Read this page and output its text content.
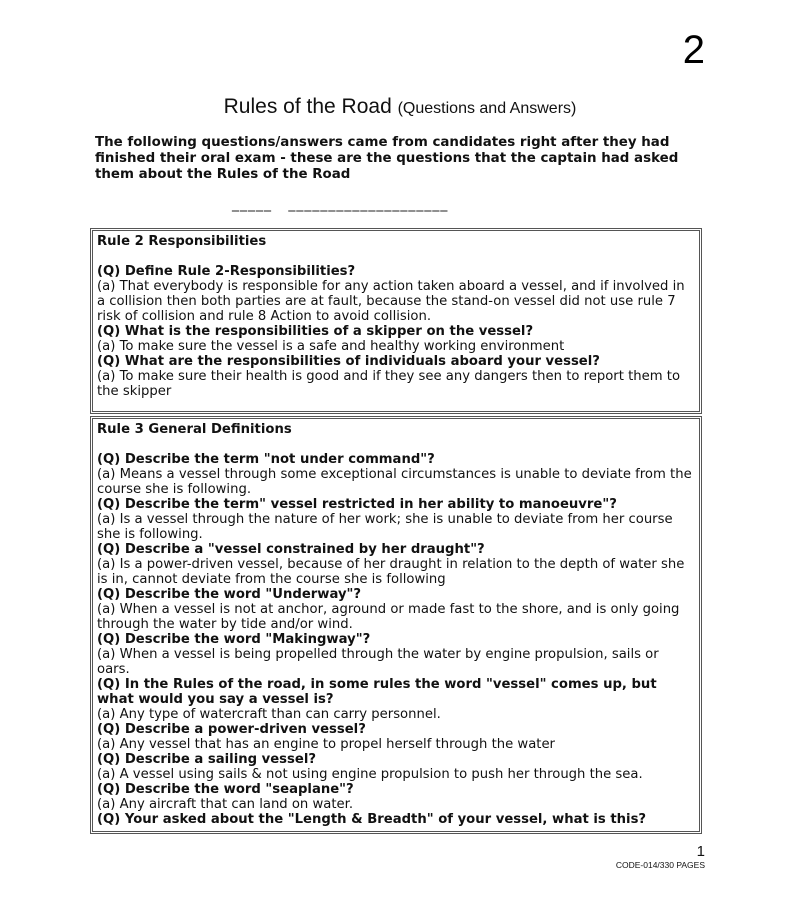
2
Rules of the Road (Questions and Answers)
The following questions/answers came from candidates right after they had finished their oral exam - these are the questions that the captain had asked them about the Rules of the Road
_____   ____________________
Rule 2 Responsibilities
(Q) Define Rule 2-Responsibilities?
(a) That everybody is responsible for any action taken aboard a vessel, and if involved in a collision then both parties are at fault, because the stand-on vessel did not use rule 7 risk of collision and rule 8 Action to avoid collision.
(Q) What is the responsibilities of a skipper on the vessel?
(a) To make sure the vessel is a safe and healthy working environment
(Q) What are the responsibilities of individuals aboard your vessel?
(a) To make sure their health is good and if they see any dangers then to report them to the skipper
Rule 3 General Definitions
(Q) Describe the term "not under command"?
(a) Means a vessel through some exceptional circumstances is unable to deviate from the course she is following.
(Q) Describe the term" vessel restricted in her ability to manoeuvre"?
(a) Is a vessel through the nature of her work; she is unable to deviate from her course she is following.
(Q) Describe a "vessel constrained by her draught"?
(a) Is a power-driven vessel, because of her draught in relation to the depth of water she is in, cannot deviate from the course she is following
(Q) Describe the word "Underway"?
(a) When a vessel is not at anchor, aground or made fast to the shore, and is only going through the water by tide and/or wind.
(Q) Describe the word "Makingway"?
(a) When a vessel is being propelled through the water by engine propulsion, sails or oars.
(Q) In the Rules of the road, in some rules the word "vessel" comes up, but what would you say a vessel is?
(a) Any type of watercraft than can carry personnel.
(Q) Describe a power-driven vessel?
(a) Any vessel that has an engine to propel herself through the water
(Q) Describe a sailing vessel?
(a) A vessel using sails & not using engine propulsion to push her through the sea.
(Q) Describe the word "seaplane"?
(a) Any aircraft that can land on water.
(Q) Your asked about the "Length & Breadth" of your vessel, what is this?
1
CODE-014/330 PAGES
